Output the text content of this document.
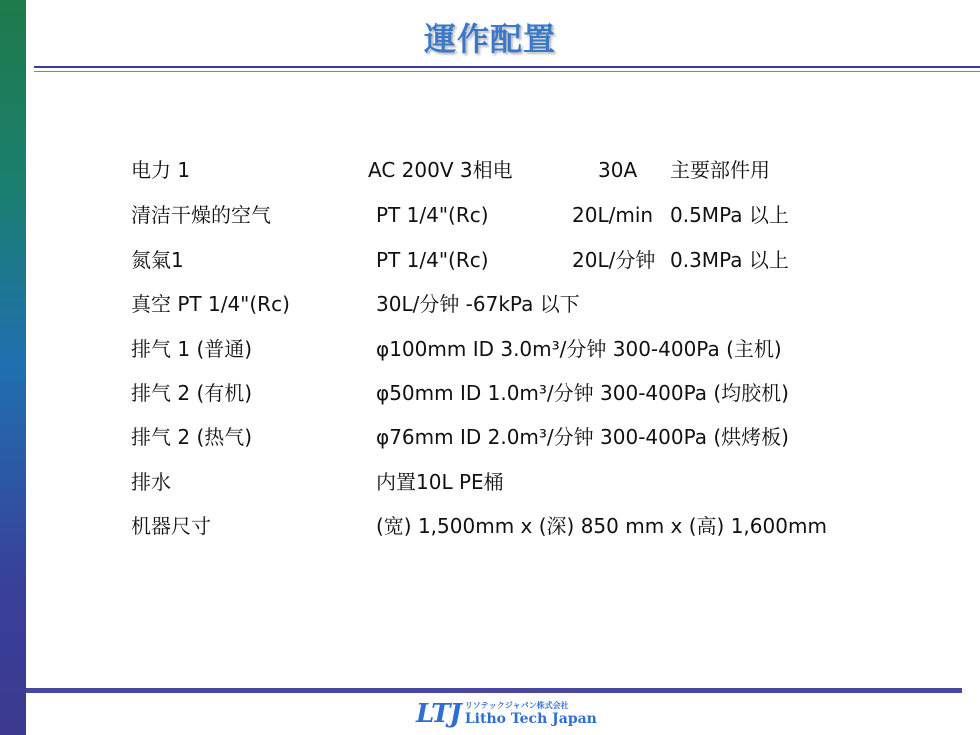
運作配置
电力 1	AC 200V 3相电	30A 主要部件用
清洁干燥的空气	PT 1/4"(Rc)	20L/min 0.5MPa 以上
氮氣1	PT 1/4"(Rc)	20L/分钟 0.3MPa 以上
真空 PT 1/4"(Rc)	30L/分钟 -67kPa 以下
排气 1 (普通)	φ100mm ID 3.0m³/分钟 300-400Pa (主机)
排气 2 (有机)	φ50mm ID 1.0m³/分钟 300-400Pa (均胶机)
排气 2 (热气)	φ76mm ID 2.0m³/分钟 300-400Pa (烘烤板)
排水	内置10L PE桶
机器尺寸	(宽) 1,500mm x (深) 850 mm x (高) 1,600mm
LTJ リソテックジャパン株式会社
Litho Tech Japan
